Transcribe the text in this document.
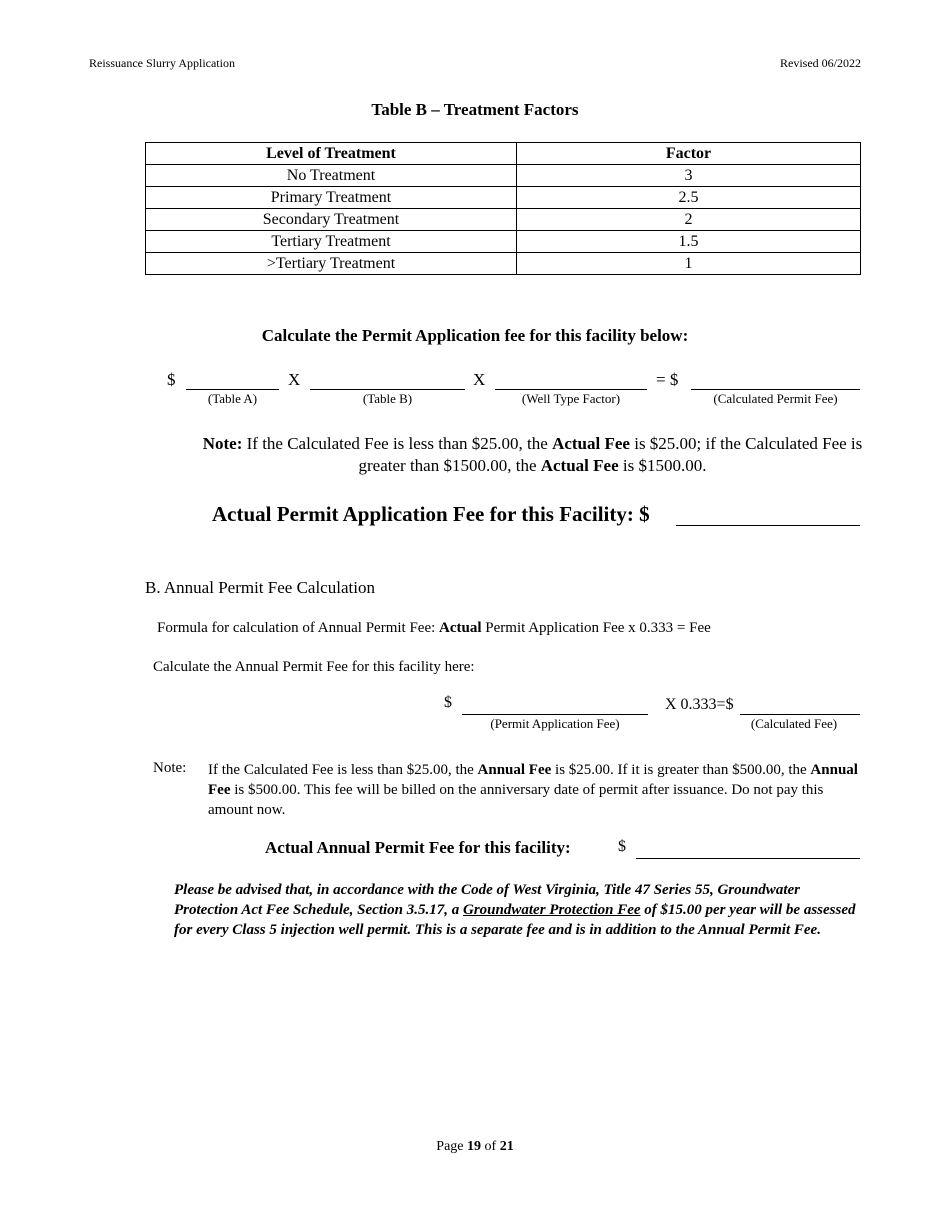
Reissuance Slurry Application	Revised 06/2022
Table B – Treatment Factors
Level of Treatment	Factor
No Treatment	3
Primary Treatment	2.5
Secondary Treatment	2
Tertiary Treatment	1.5
>Tertiary Treatment	1
Calculate the Permit Application fee for this facility below:
$
(Table A)
X
(Table B)
X
(Well Type Factor)
= $
(Calculated Permit Fee)
Note: If the Calculated Fee is less than $25.00, the Actual Fee is $25.00; if the Calculated Fee is greater than $1500.00, the Actual Fee is $1500.00.
Actual Permit Application Fee for this Facility: $
B. Annual Permit Fee Calculation
Formula for calculation of Annual Permit Fee: Actual Permit Application Fee x 0.333 = Fee
Calculate the Annual Permit Fee for this facility here:
$
(Permit Application Fee)
X 0.333=$
(Calculated Fee)
Note: If the Calculated Fee is less than $25.00, the Annual Fee is $25.00. If it is greater than $500.00, the Annual Fee is $500.00. This fee will be billed on the anniversary date of permit after issuance. Do not pay this amount now.
Actual Annual Permit Fee for this facility:	$
Please be advised that, in accordance with the Code of West Virginia, Title 47 Series 55, Groundwater Protection Act Fee Schedule, Section 3.5.17, a Groundwater Protection Fee of $15.00 per year will be assessed for every Class 5 injection well permit. This is a separate fee and is in addition to the Annual Permit Fee.
Page 19 of 21
